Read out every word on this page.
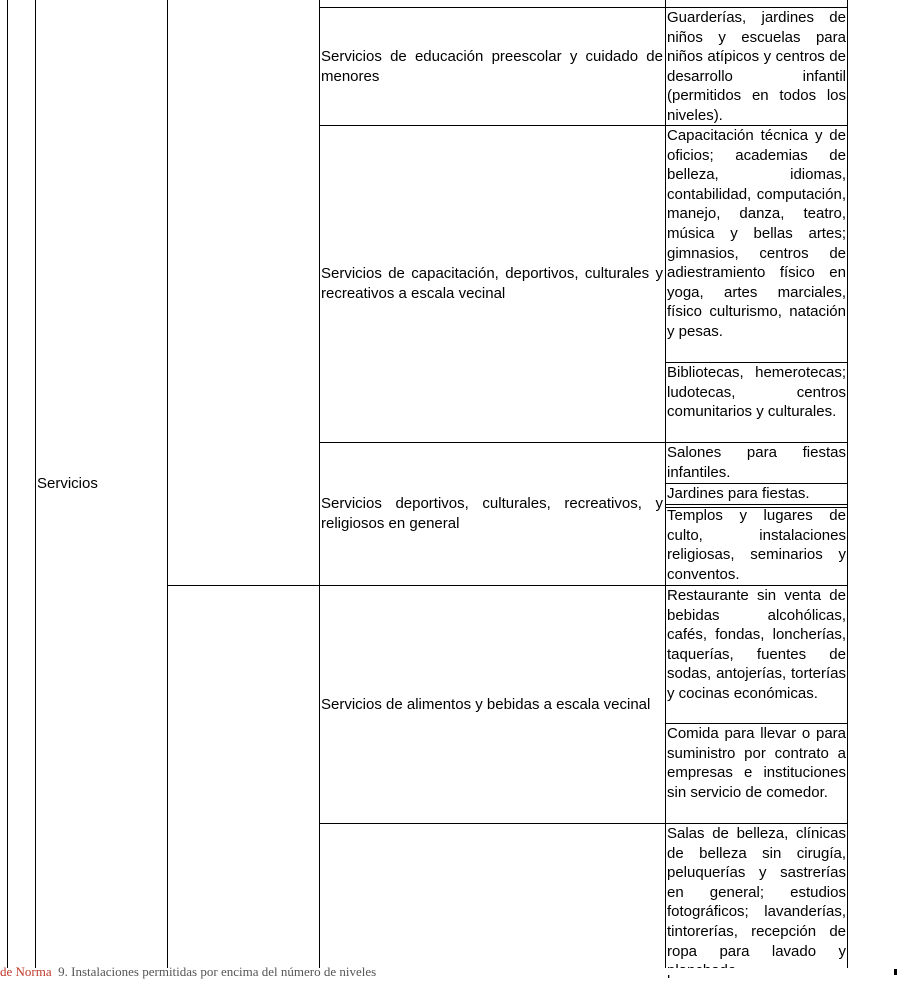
Servicios
Servicios de educación preescolar y cuidado de menores
Servicios de capacitación, deportivos, culturales y recreativos a escala vecinal
Servicios deportivos, culturales, recreativos, y religiosos en general
Servicios de alimentos y bebidas a escala vecinal
Guarderías, jardines de niños y escuelas para niños atípicos y centros de desarrollo infantil (permitidos en todos los niveles).
Capacitación técnica y de oficios; academias de belleza, idiomas, contabilidad, computación, manejo, danza, teatro, música y bellas artes; gimnasios, centros de adiestramiento físico en yoga, artes marciales, físico culturismo, natación y pesas.
Bibliotecas, hemerotecas; ludotecas, centros comunitarios y culturales.
Salones para fiestas infantiles.
Jardines para fiestas.
Templos y lugares de culto, instalaciones religiosas, seminarios y conventos.
Restaurante sin venta de bebidas alcohólicas, cafés, fondas, loncherías, taquerías, fuentes de sodas, antojerías, torterías y cocinas económicas.
Comida para llevar o para suministro por contrato a empresas e instituciones sin servicio de comedor.
Salas de belleza, clínicas de belleza sin cirugía, peluquerías y sastrerías en general; estudios fotográficos; lavanderías, tintorerías, recepción de ropa para lavado y
de Norma 9. Instalaciones permitidas por encima del número de niveles
